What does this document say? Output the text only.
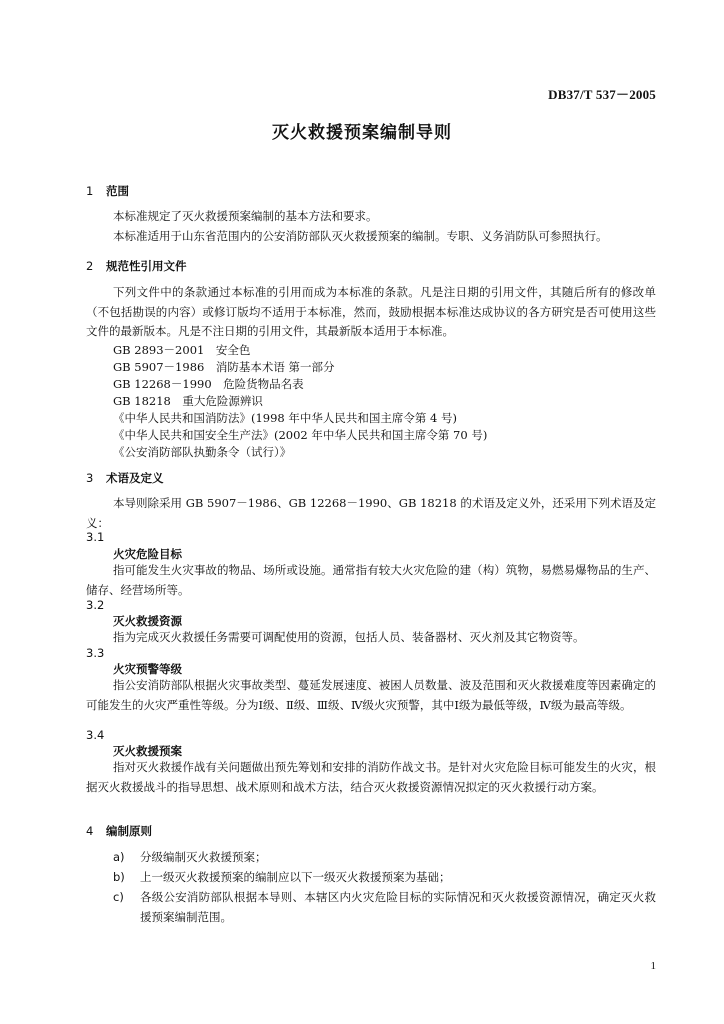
DB37/T 537－2005
灭火救援预案编制导则
1 范围
本标准规定了灭火救援预案编制的基本方法和要求。
本标准适用于山东省范围内的公安消防部队灭火救援预案的编制。专职、义务消防队可参照执行。
2 规范性引用文件
下列文件中的条款通过本标准的引用而成为本标准的条款。凡是注日期的引用文件，其随后所有的修改单（不包括勘误的内容）或修订版均不适用于本标准，然而，鼓励根据本标准达成协议的各方研究是否可使用这些文件的最新版本。凡是不注日期的引用文件，其最新版本适用于本标准。
GB 2893－2001　安全色
GB 5907－1986　消防基本术语 第一部分
GB 12268－1990　危险货物品名表
GB 18218　重大危险源辨识
《中华人民共和国消防法》(1998 年中华人民共和国主席令第 4 号)
《中华人民共和国安全生产法》(2002 年中华人民共和国主席令第 70 号)
《公安消防部队执勤条令（试行）》
3 术语及定义
本导则除采用 GB 5907－1986、GB 12268－1990、GB 18218 的术语及定义外，还采用下列术语及定义：
3.1
火灾危险目标
指可能发生火灾事故的物品、场所或设施。通常指有较大火灾危险的建（构）筑物，易燃易爆物品的生产、储存、经营场所等。
3.2
灭火救援资源
指为完成灭火救援任务需要可调配使用的资源，包括人员、装备器材、灭火剂及其它物资等。
3.3
火灾预警等级
指公安消防部队根据火灾事故类型、蔓延发展速度、被困人员数量、波及范围和灭火救援难度等因素确定的可能发生的火灾严重性等级。分为Ⅰ级、Ⅱ级、Ⅲ级、Ⅳ级火灾预警，其中Ⅰ级为最低等级，Ⅳ级为最高等级。
3.4
灭火救援预案
指对灭火救援作战有关问题做出预先筹划和安排的消防作战文书。是针对火灾危险目标可能发生的火灾，根据灭火救援战斗的指导思想、战术原则和战术方法，结合灭火救援资源情况拟定的灭火救援行动方案。
4 编制原则
a) 分级编制灭火救援预案；
b) 上一级灭火救援预案的编制应以下一级灭火救援预案为基础；
c) 各级公安消防部队根据本导则、本辖区内火灾危险目标的实际情况和灭火救援资源情况，确定灭火救援预案编制范围。
1
